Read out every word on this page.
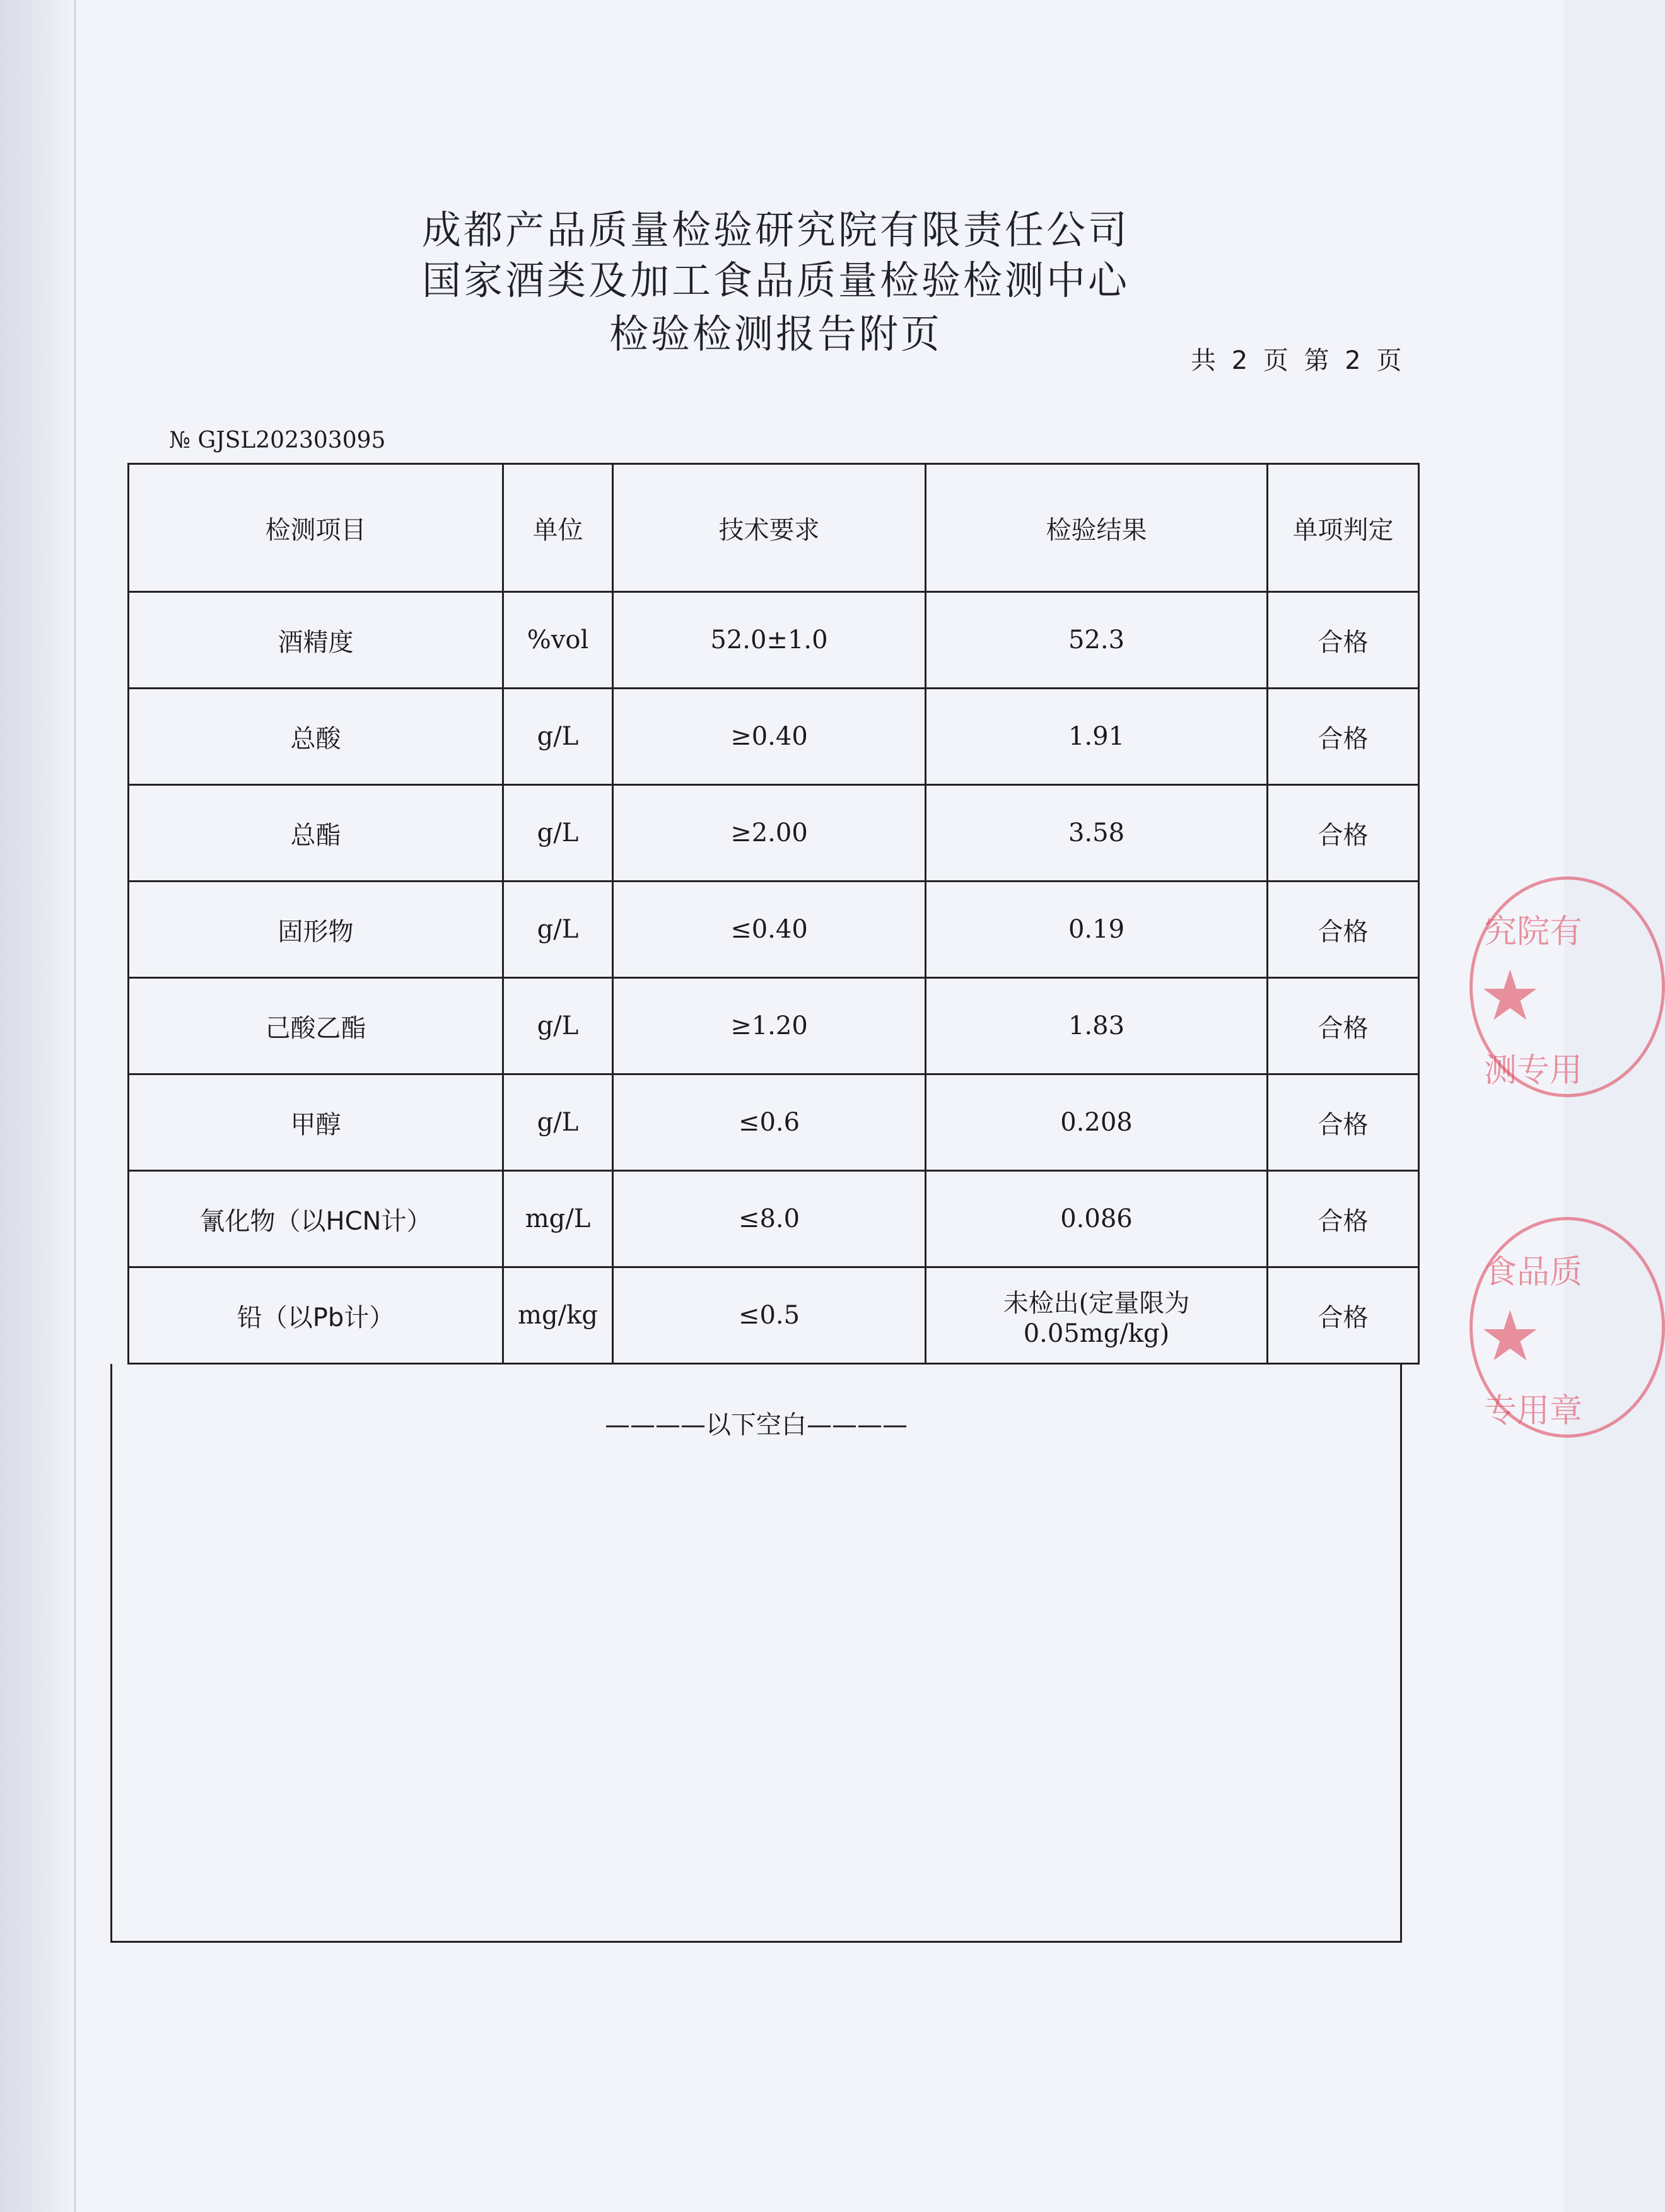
成都产品质量检验研究院有限责任公司
国家酒类及加工食品质量检验检测中心
检验检测报告附页
共 2 页 第 2 页
№ GJSL202303095
检测项目	单位	技术要求	检验结果	单项判定
酒精度	%vol	52.0±1.0	52.3	合格
总酸	g/L	≥0.40	1.91	合格
总酯	g/L	≥2.00	3.58	合格
固形物	g/L	≤0.40	0.19	合格
己酸乙酯	g/L	≥1.20	1.83	合格
甲醇	g/L	≤0.6	0.208	合格
氰化物（以HCN计）	mg/L	≤8.0	0.086	合格
铅（以Pb计）	mg/kg	≤0.5	未检出(定量限为 0.05mg/kg)	合格
————以下空白————
究院有
★
测专用
食品质
★
专用章
